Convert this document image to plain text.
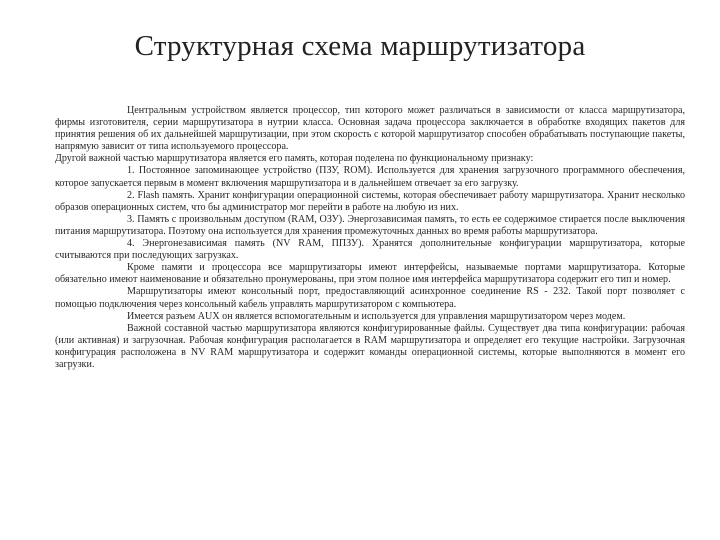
Структурная схема маршрутизатора

Центральным устройством является процессор, тип которого может различаться в зависимости от класса маршрутизатора, фирмы изготовителя, серии маршрутизатора в нутрии класса. Основная задача процессора заключается в обработке входящих пакетов для принятия решения об их дальнейшей маршрутизации, при этом скорость с которой маршрутизатор способен обрабатывать поступающие пакеты, напрямую зависит от типа используемого процессора.

Другой важной частью маршрутизатора является его память, которая поделена по функциональному признаку:

1. Постоянное запоминающее устройство (ПЗУ, ROM). Используется для хранения загрузочного программного обеспечения, которое запускается первым в момент включения маршрутизатора и в дальнейшем отвечает за его загрузку.

2. Flash память. Хранит конфигурации операционной системы, которая обеспечивает работу маршрутизатора. Хранит несколько образов операционных систем, что бы администратор мог перейти в работе на любую из них.

3. Память с произвольным доступом (RAM, ОЗУ). Энергозависимая память, то есть ее содержимое стирается после выключения питания маршрутизатора. Поэтому она используется для хранения промежуточных данных во время работы маршрутизатора.

4. Энергонезависимая память (NV RAM, ППЗУ). Хранятся дополнительные конфигурации маршрутизатора, которые считываются при последующих загрузках.

Кроме памяти и процессора все маршрутизаторы имеют интерфейсы, называемые портами маршрутизатора. Которые обязательно имеют наименование и обязательно пронумерованы, при этом полное имя интерфейса маршрутизатора содержит его тип и номер.

Маршрутизаторы имеют консольный порт, предоставляющий асинхронное соединение RS - 232. Такой порт позволяет с помощью подключения через консольный кабель управлять маршрутизатором с компьютера.

Имеется разъем AUX он является вспомогательным и используется для управления маршрутизатором через модем.

Важной составной частью маршрутизатора являются конфигурированные файлы. Существует два типа конфигурации: рабочая (или активная) и загрузочная. Рабочая конфигурация располагается в RAM маршрутизатора и определяет его текущие настройки. Загрузочная конфигурация расположена в NV RAM маршрутизатора и содержит команды операционной системы, которые выполняются в момент его загрузки.
